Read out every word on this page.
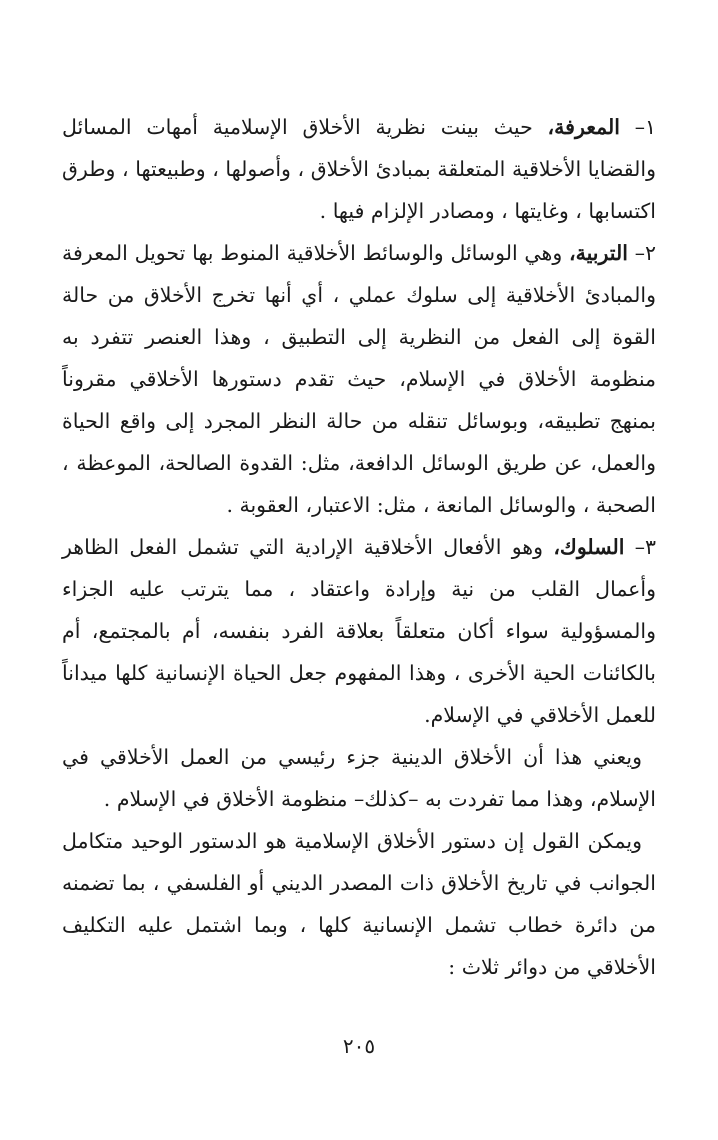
١– المعرفة، حيث بينت نظرية الأخلاق الإسلامية أمهات المسائل والقضايا الأخلاقية المتعلقة بمبادئ الأخلاق ، وأصولها ، وطبيعتها ، وطرق اكتسابها ، وغايتها ، ومصادر الإلزام فيها .

٢– التربية، وهي الوسائل والوسائط الأخلاقية المنوط بها تحويل المعرفة والمبادئ الأخلاقية إلى سلوك عملي ، أي أنها تخرج الأخلاق من حالة القوة إلى الفعل من النظرية إلى التطبيق ، وهذا العنصر تتفرد به منظومة الأخلاق في الإسلام، حيث تقدم دستورها الأخلاقي مقروناً بمنهج تطبيقه، وبوسائل تنقله من حالة النظر المجرد إلى واقع الحياة والعمل، عن طريق الوسائل الدافعة، مثل: القدوة الصالحة، الموعظة ، الصحبة ، والوسائل المانعة ، مثل: الاعتبار، العقوبة .

٣– السلوك، وهو الأفعال الأخلاقية الإرادية التي تشمل الفعل الظاهر وأعمال القلب من نية وإرادة واعتقاد ، مما يترتب عليه الجزاء والمسؤولية سواء أكان متعلقاً بعلاقة الفرد بنفسه، أم بالمجتمع، أم بالكائنات الحية الأخرى ، وهذا المفهوم جعل الحياة الإنسانية كلها ميداناً للعمل الأخلاقي في الإسلام.

ويعني هذا أن الأخلاق الدينية جزء رئيسي من العمل الأخلاقي في الإسلام، وهذا مما تفردت به –كذلك– منظومة الأخلاق في الإسلام .

ويمكن القول إن دستور الأخلاق الإسلامية هو الدستور الوحيد متكامل الجوانب في تاريخ الأخلاق ذات المصدر الديني أو الفلسفي ، بما تضمنه من دائرة خطاب تشمل الإنسانية كلها ، وبما اشتمل عليه التكليف الأخلاقي من دوائر ثلاث :

٢٠٥
